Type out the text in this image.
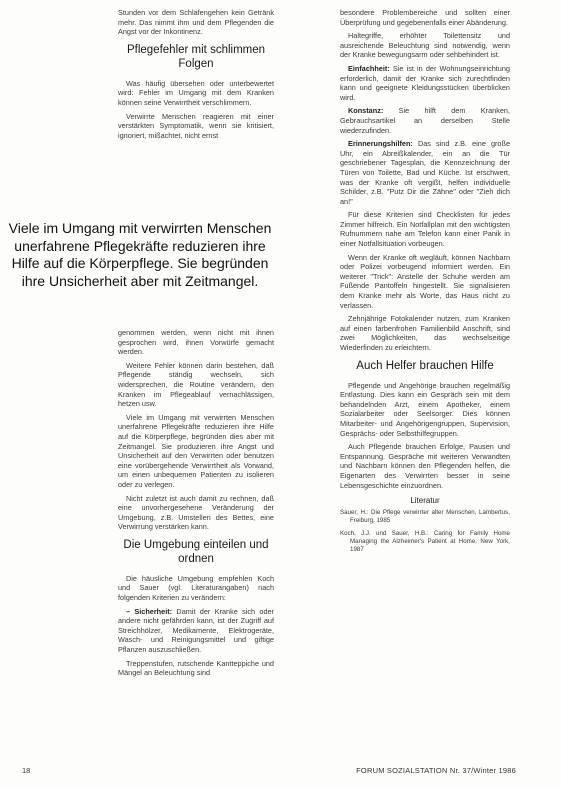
Stunden vor dem Schlafengehen kein Getränk mehr. Das nimmt ihm und dem Pflegenden die Angst vor der Inkontinenz.

Pflegefehler mit schlimmen Folgen

Was häufig übersehen oder unterbewertet wird: Fehler im Umgang mit dem Kranken können seine Verwirrtheit verschlimmern.

Verwirrte Menschen reagieren mit einer verstärkten Symptomatik, wenn sie kritisiert, ignoriert, mißachtet, nicht ernst

Viele im Umgang mit verwirrten Menschen unerfahrene Pflegekräfte reduzieren ihre Hilfe auf die Körperpflege. Sie begründen ihre Unsicherheit aber mit Zeitmangel.

genommen werden, wenn nicht mit ihnen gesprochen wird, ihnen Vorwürfe gemacht werden.

Weitere Fehler können darin bestehen, daß Pflegende ständig wechseln, sich widersprechen, die Routine verändern, den Kranken im Pflegeablauf vernachlässigen, hetzen usw.

Viele im Umgang mit verwirrten Menschen unerfahrene Pflegekräfte reduzieren ihre Hilfe auf die Körperpflege, begründen dies aber mit Zeitmangel. Sie produzieren ihre Angst und Unsicherheit auf den Verwirrten oder benutzen eine vorübergehende Verwirrtheit als Vorwand, um einen unbequemen Patienten zu isolieren oder zu verlegen.

Nicht zuletzt ist auch damit zu rechnen, daß eine unvorhergesehene Veränderung der Umgebung, z.B. Umstellen des Bettes, eine Verwirrung verstärken kann.

Die Umgebung einteilen und ordnen

Die häusliche Umgebung empfehlen Koch und Sauer (vgl. Literaturangaben) nach folgenden Kriterien zu verändern:

– Sicherheit: Damit der Kranke sich oder andere nicht gefährden kann, ist der Zugriff auf Streichhölzer, Medikamente, Elektrogeräte, Wasch- und Reinigungsmittel und giftige Pflanzen auszuschließen.

Treppenstufen, rutschende Kantteppiche und Mängel an Beleuchtung sind

besondere Problembereiche und sollten einer Überprüfung und gegebenenfalls einer Abänderung.

Haltegriffe, erhöhter Toilettensitz und ausreichende Beleuchtung sind notwendig, wenn der Kranke bewegungsarm oder sehbehindert ist.

Einfachheit: Sie ist in der Wohnungseinrichtung erforderlich, damit der Kranke sich zurechtfinden kann und geeignete Kleidungsstücken überblicken wird.

Konstanz: Sie hilft dem Kranken, Gebrauchsartikel an derselben Stelle wiederzufinden.

Erinnerungshilfen: Das sind z.B. eine große Uhr, ein Abreißkalender, ein an die Tür geschriebener Tagesplan, die Kennzeichnung der Türen von Toilette, Bad und Küche. Ist erschwert, was der Kranke oft vergißt, helfen individuelle Schilder, z.B. "Putz Dir die Zähne" oder "Zieh dich an!"

Für diese Kriterien sind Checklisten für jedes Zimmer hilfreich. Ein Notfallplan mit den wichtigsten Rufnummern nahe am Telefon kann einer Panik in einer Notfallsituation vorbeugen.

Wenn der Kranke oft wegläuft, können Nachbarn oder Polizei vorbeugend informiert werden. Ein weiterer "Trick": Anstelle der Schuhe werden am Fußende Pantoffeln hingestellt. Sie signalisieren dem Kranke mehr als Worte, das Haus nicht zu verlassen.

Zehnjährige Fotokalender nutzen, zum Kranken auf einen farbenfrohen Familienbild Anschrift, sind zwei Möglichkeiten, das wechselseitige Wiederfinden zu erleichtern.

Auch Helfer brauchen Hilfe

Pflegende und Angehörige brauchen regelmäßig Entlastung. Dies kann ein Gespräch sein mit dem behandelnden Arzt, einem Apotheker, einem Sozialarbeiter oder Seelsorger. Dies können Mitarbeiter- und Angehörigengruppen, Supervision, Gesprächs- oder Selbsthilfegruppen.

Auch Pflegende brauchen Erfolge, Pausen und Entspannung. Gespräche mit weiteren Verwandten und Nachbarn können den Pflegenden helfen, die Eigenarten des Verwirrten besser in seine Lebensgeschichte einzuordnen.

Literatur

Sauer, H.: Die Pflege verwirrter alter Menschen, Lambertus, Freiburg, 1985

Koch, J.J. und Sauer, H.B.: Caring for Family Home Managing the Alzheimer's Patient at Home, New York, 1987

18	FORUM SOZIALSTATION Nr. 37/Winter 1986
